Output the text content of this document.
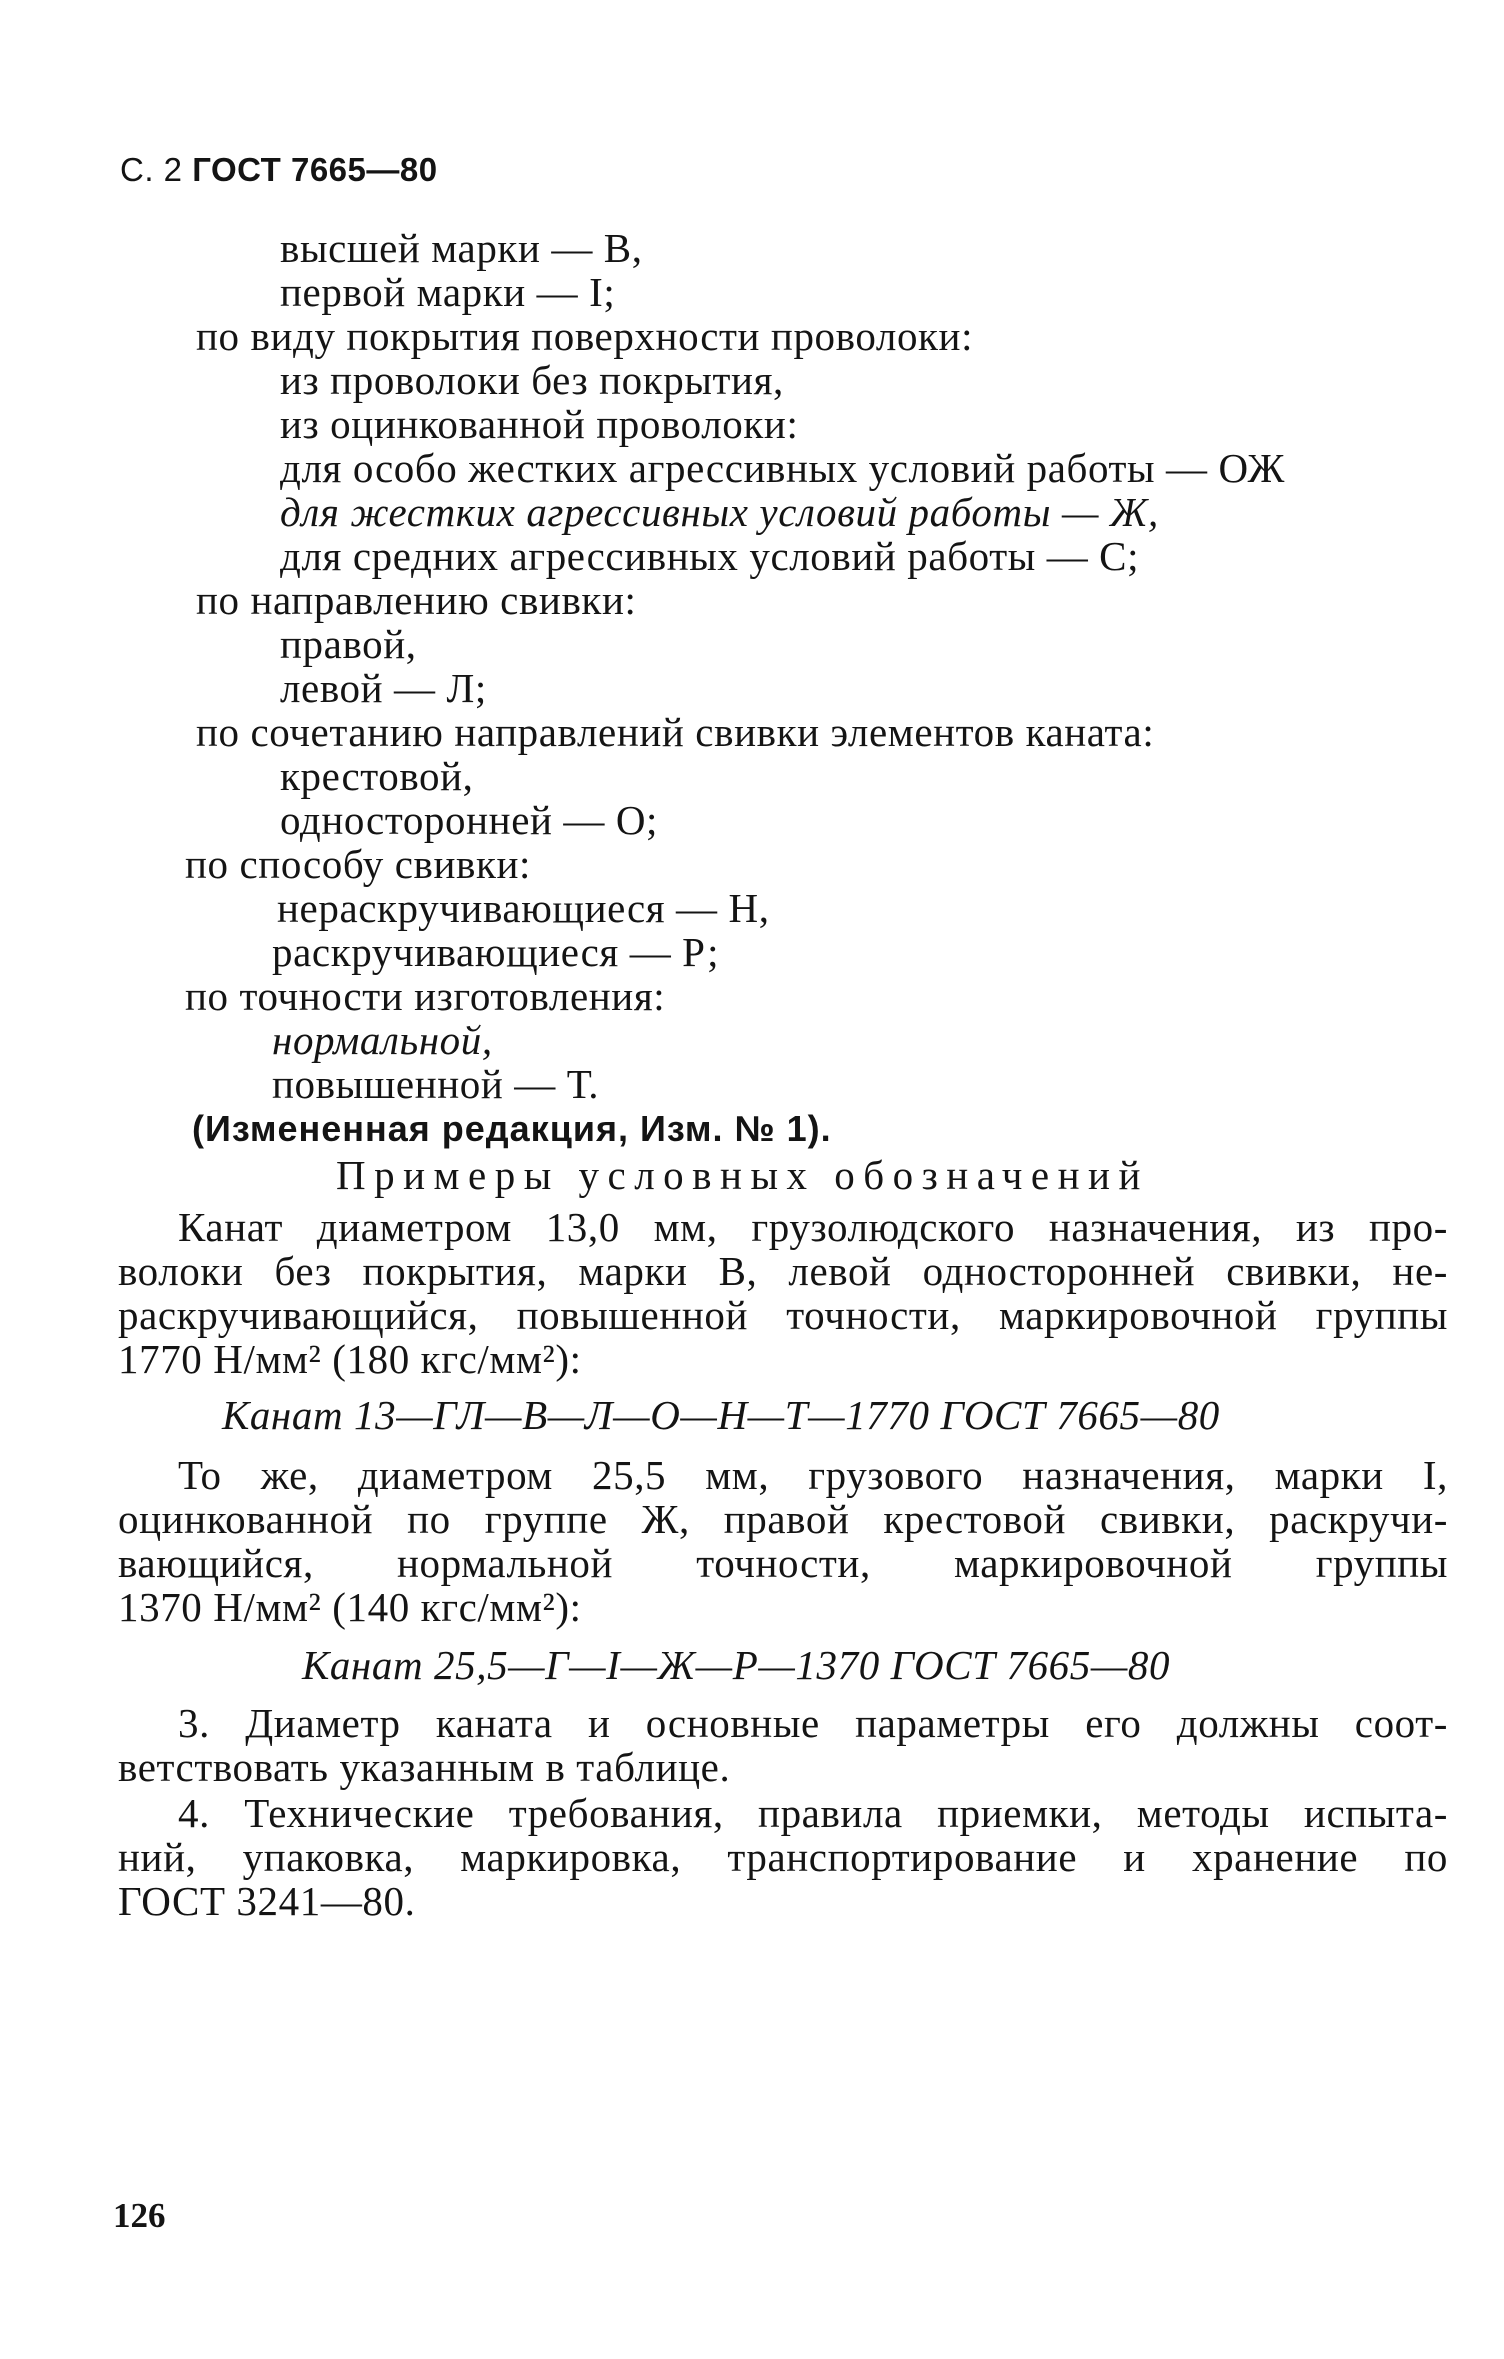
С. 2 ГОСТ 7665—80
высшей марки — В,
первой марки — I;
по виду покрытия поверхности проволоки:
из проволоки без покрытия,
из оцинкованной проволоки:
для особо жестких агрессивных условий работы — ОЖ
для жестких агрессивных условий работы — Ж,
для средних агрессивных условий работы — С;
по направлению свивки:
правой,
левой — Л;
по сочетанию направлений свивки элементов каната:
крестовой,
односторонней — О;
по способу свивки:
нераскручивающиеся — Н,
раскручивающиеся — Р;
по точности изготовления:
нормальной,
повышенной — Т.
(Измененная редакция, Изм. № 1).
Примеры условных обозначений
Канат диаметром 13,0 мм, грузолюдского назначения, из про-
волоки без покрытия, марки В, левой односторонней свивки, не-
раскручивающийся, повышенной точности, маркировочной группы
1770 Н/мм² (180 кгс/мм²):
Канат 13—ГЛ—В—Л—О—Н—Т—1770 ГОСТ 7665—80
То же, диаметром 25,5 мм, грузового назначения, марки I,
оцинкованной по группе Ж, правой крестовой свивки, раскручи-
вающийся, нормальной точности, маркировочной группы
1370 Н/мм² (140 кгс/мм²):
Канат 25,5—Г—I—Ж—Р—1370 ГОСТ 7665—80
3. Диаметр каната и основные параметры его должны соот-
ветствовать указанным в таблице.
4. Технические требования, правила приемки, методы испыта-
ний, упаковка, маркировка, транспортирование и хранение по
ГОСТ 3241—80.
126
